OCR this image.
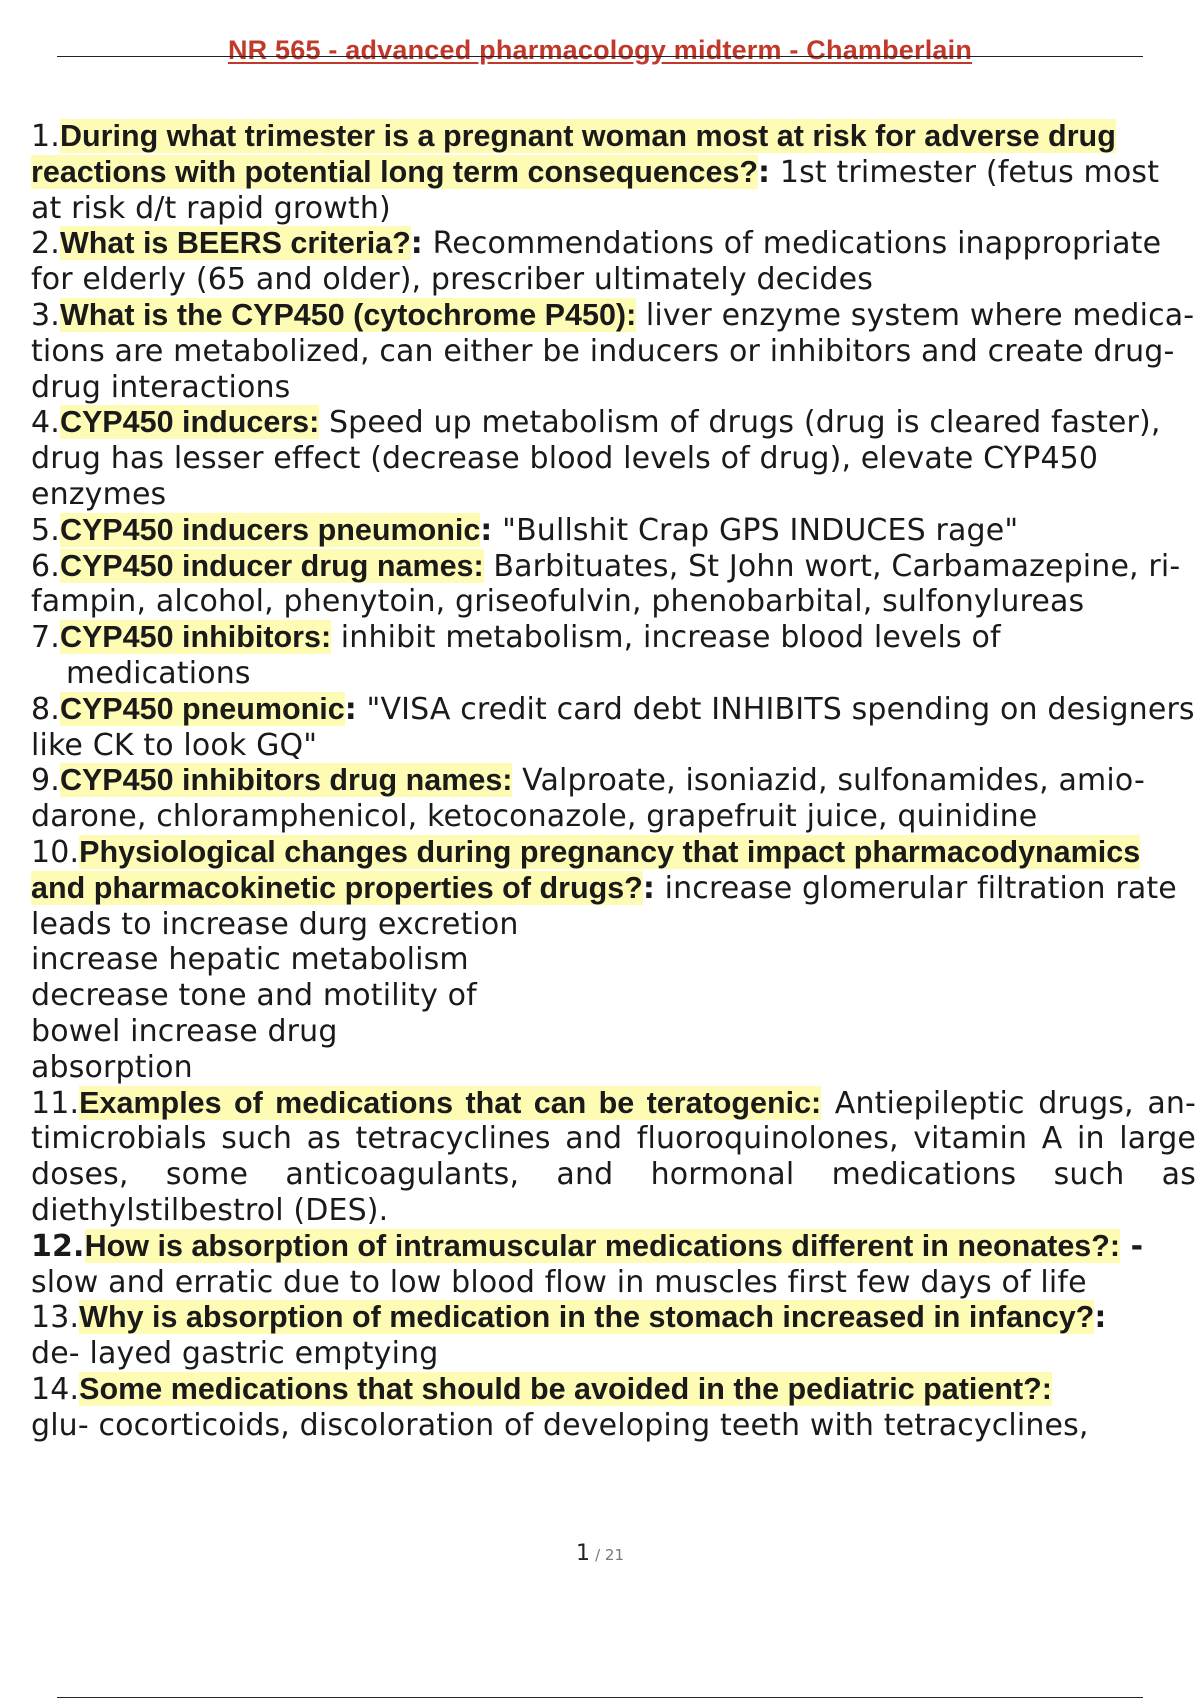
NR 565 - advanced pharmacology midterm - Chamberlain

1.During what trimester is a pregnant woman most at risk for adverse drug reactions with potential long term consequences?: 1st trimester (fetus most at risk d/t rapid growth)

2.What is BEERS criteria?: Recommendations of medications inappropriate for elderly (65 and older), prescriber ultimately decides

3.What is the CYP450 (cytochrome P450): liver enzyme system where medica- tions are metabolized, can either be inducers or inhibitors and create drug-drug interactions

4.CYP450 inducers: Speed up metabolism of drugs (drug is cleared faster), drug has lesser effect (decrease blood levels of drug), elevate CYP450 enzymes

5.CYP450 inducers pneumonic: "Bullshit Crap GPS INDUCES rage"

6.CYP450 inducer drug names: Barbituates, St John wort, Carbamazepine, ri- fampin, alcohol, phenytoin, griseofulvin, phenobarbital, sulfonylureas

7.CYP450 inhibitors: inhibit metabolism, increase blood levels of
medications

8.CYP450 pneumonic: "VISA credit card debt INHIBITS spending on designers like CK to look GQ"

9.CYP450 inhibitors drug names: Valproate, isoniazid, sulfonamides, amio- darone, chloramphenicol, ketoconazole, grapefruit juice, quinidine

10.Physiological changes during pregnancy that impact pharmacodynamics and pharmacokinetic properties of drugs?: increase glomerular filtration rate leads to increase durg excretion
increase hepatic metabolism
decrease tone and motility of
bowel increase drug
absorption

11.Examples of medications that can be teratogenic: Antiepileptic drugs, an- timicrobials such as tetracyclines and fluoroquinolones, vitamin A in large doses, some anticoagulants, and hormonal medications such as diethylstilbestrol (DES).

12.How is absorption of intramuscular medications different in neonates?: -
slow and erratic due to low blood flow in muscles first few days of life

13.Why is absorption of medication in the stomach increased in infancy?:
de- layed gastric emptying

14.Some medications that should be avoided in the pediatric patient?:
glu- cocorticoids, discoloration of developing teeth with tetracyclines,

1 / 21
